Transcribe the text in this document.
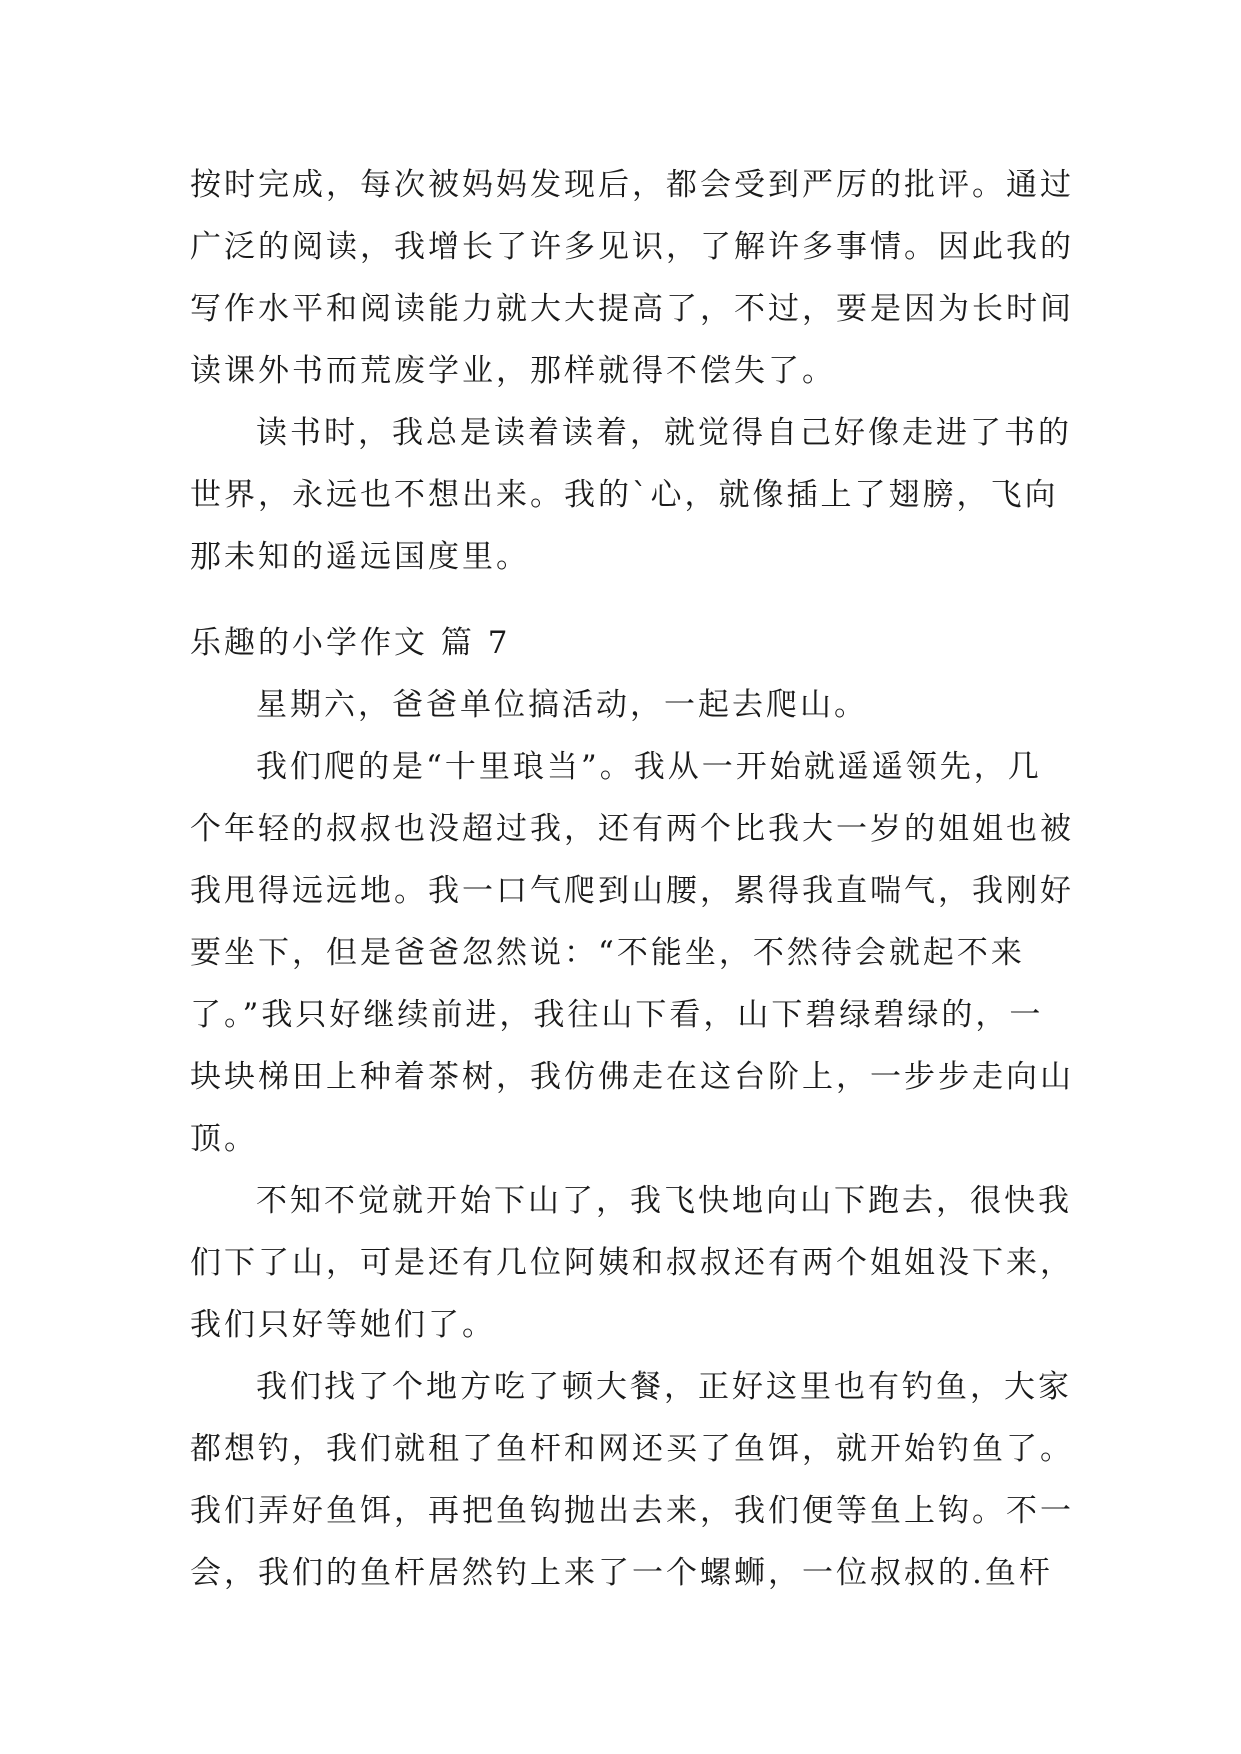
按时完成，每次被妈妈发现后，都会受到严厉的批评。通过
广泛的阅读，我增长了许多见识，了解许多事情。因此我的
写作水平和阅读能力就大大提高了，不过，要是因为长时间
读课外书而荒废学业，那样就得不偿失了。
读书时，我总是读着读着，就觉得自己好像走进了书的
世界，永远也不想出来。我的`心，就像插上了翅膀，飞向
那未知的遥远国度里。
乐趣的小学作文 篇 7
星期六，爸爸单位搞活动，一起去爬山。
我们爬的是“十里琅当”。我从一开始就遥遥领先，几
个年轻的叔叔也没超过我，还有两个比我大一岁的姐姐也被
我甩得远远地。我一口气爬到山腰，累得我直喘气，我刚好
要坐下，但是爸爸忽然说：“不能坐，不然待会就起不来
了。”我只好继续前进，我往山下看，山下碧绿碧绿的，一
块块梯田上种着茶树，我仿佛走在这台阶上，一步步走向山
顶。
不知不觉就开始下山了，我飞快地向山下跑去，很快我
们下了山，可是还有几位阿姨和叔叔还有两个姐姐没下来，
我们只好等她们了。
我们找了个地方吃了顿大餐，正好这里也有钓鱼，大家
都想钓，我们就租了鱼杆和网还买了鱼饵，就开始钓鱼了。
我们弄好鱼饵，再把鱼钩抛出去来，我们便等鱼上钩。不一
会，我们的鱼杆居然钓上来了一个螺蛳，一位叔叔的.鱼杆
